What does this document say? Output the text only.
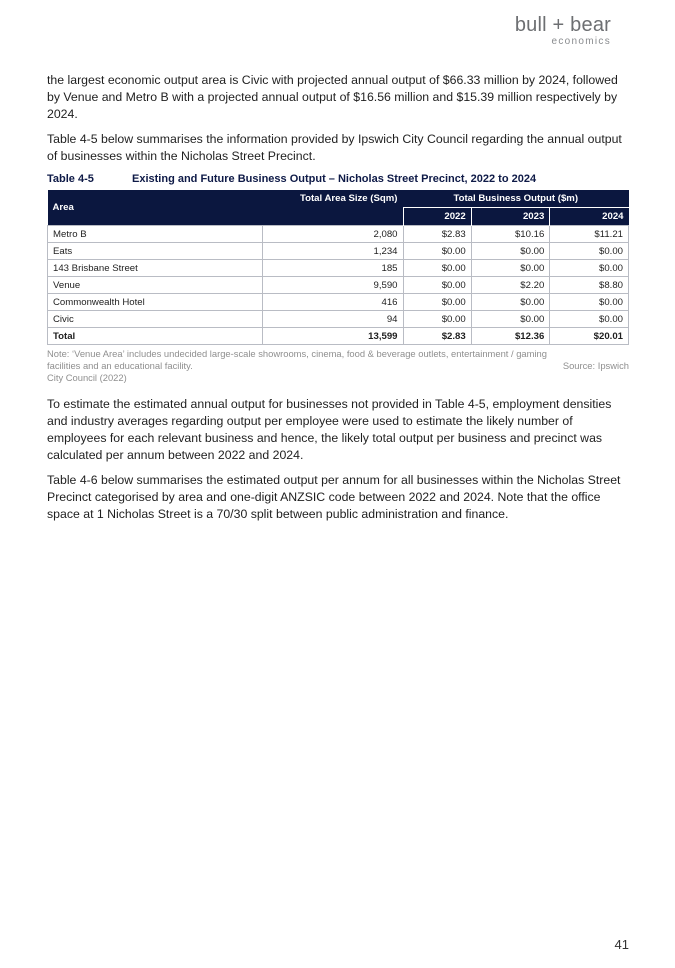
bull + bear
economics

the largest economic output area is Civic with projected annual output of $66.33 million by 2024, followed by Venue and Metro B with a projected annual output of $16.56 million and $15.39 million respectively by 2024.

Table 4-5 below summarises the information provided by Ipswich City Council regarding the annual output of businesses within the Nicholas Street Precinct.

Table 4-5	Existing and Future Business Output – Nicholas Street Precinct, 2022 to 2024
Area	Total Area Size (Sqm)	Total Business Output ($m)		
		2022	2023	2024
Metro B	2,080	$2.83	$10.16	$11.21
Eats	1,234	$0.00	$0.00	$0.00
143 Brisbane Street	185	$0.00	$0.00	$0.00
Venue	9,590	$0.00	$2.20	$8.80
Commonwealth Hotel	416	$0.00	$0.00	$0.00
Civic	94	$0.00	$0.00	$0.00
Total	13,599	$2.83	$12.36	$20.01
Note: ‘Venue Area’ includes undecided large-scale showrooms, cinema, food & beverage outlets, entertainment / gaming
facilities and an educational facility.	Source: Ipswich
City Council (2022)

To estimate the estimated annual output for businesses not provided in Table 4-5, employment densities and industry averages regarding output per employee were used to estimate the likely number of employees for each relevant business and hence, the likely total output per business and precinct was calculated per annum between 2022 and 2024.

Table 4-6 below summarises the estimated output per annum for all businesses within the Nicholas Street Precinct categorised by area and one-digit ANZSIC code between 2022 and 2024. Note that the office space at 1 Nicholas Street is a 70/30 split between public administration and finance.

41
